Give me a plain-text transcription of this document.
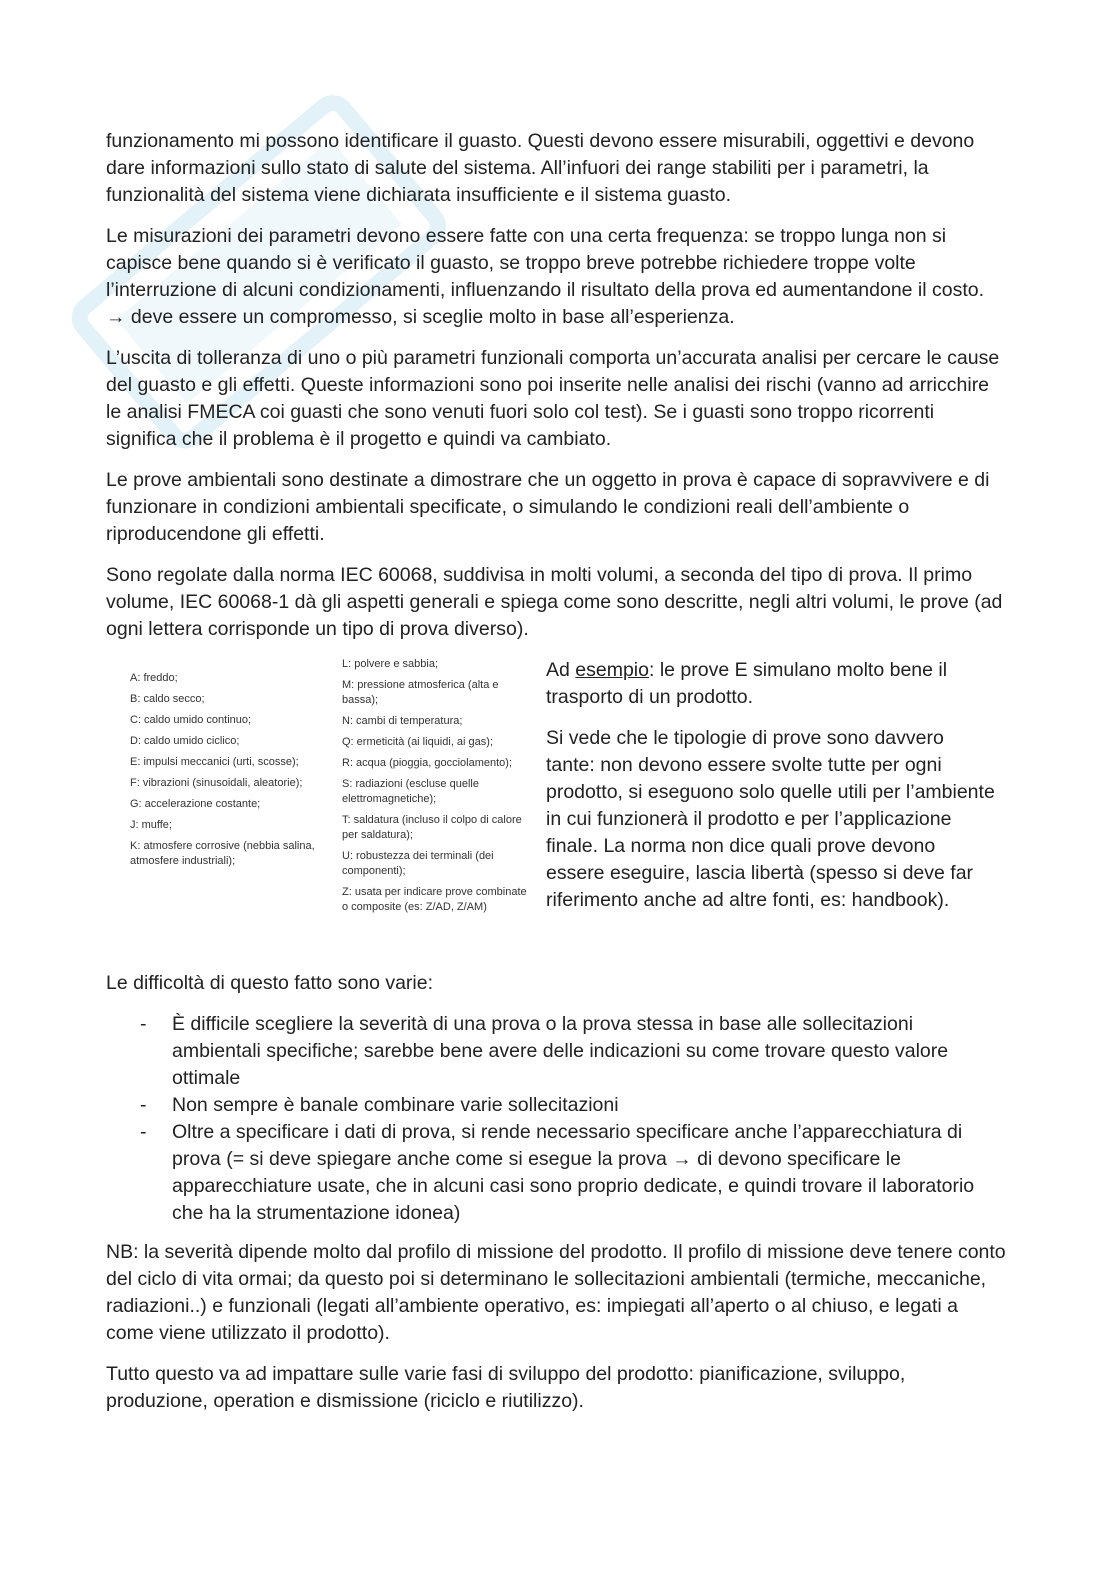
funzionamento mi possono identificare il guasto. Questi devono essere misurabili, oggettivi e devono dare informazioni sullo stato di salute del sistema. All’infuori dei range stabiliti per i parametri, la funzionalità del sistema viene dichiarata insufficiente e il sistema guasto.

Le misurazioni dei parametri devono essere fatte con una certa frequenza: se troppo lunga non si capisce bene quando si è verificato il guasto, se troppo breve potrebbe richiedere troppe volte l’interruzione di alcuni condizionamenti, influenzando il risultato della prova ed aumentandone il costo. → deve essere un compromesso, si sceglie molto in base all’esperienza.

L’uscita di tolleranza di uno o più parametri funzionali comporta un’accurata analisi per cercare le cause del guasto e gli effetti. Queste informazioni sono poi inserite nelle analisi dei rischi (vanno ad arricchire le analisi FMECA coi guasti che sono venuti fuori solo col test). Se i guasti sono troppo ricorrenti significa che il problema è il progetto e quindi va cambiato.

Le prove ambientali sono destinate a dimostrare che un oggetto in prova è capace di sopravvivere e di funzionare in condizioni ambientali specificate, o simulando le condizioni reali dell’ambiente o riproducendone gli effetti.

Sono regolate dalla norma IEC 60068, suddivisa in molti volumi, a seconda del tipo di prova. Il primo volume, IEC 60068-1 dà gli aspetti generali e spiega come sono descritte, negli altri volumi, le prove (ad ogni lettera corrisponde un tipo di prova diverso).

A: freddo;
B: caldo secco;
C: caldo umido continuo;
D: caldo umido ciclico;
E: impulsi meccanici (urti, scosse);
F: vibrazioni (sinusoidali, aleatorie);
G: accelerazione costante;
J: muffe;
K: atmosfere corrosive (nebbia salina, atmosfere industriali);
L: polvere e sabbia;
M: pressione atmosferica (alta e bassa);
N: cambi di temperatura;
Q: ermeticità (ai liquidi, ai gas);
R: acqua (pioggia, gocciolamento);
S: radiazioni (escluse quelle elettromagnetiche);
T: saldatura (incluso il colpo di calore per saldatura);
U: robustezza dei terminali (dei componenti);
Z: usata per indicare prove combinate o composite (es: Z/AD, Z/AM)

Ad esempio: le prove E simulano molto bene il trasporto di un prodotto.

Si vede che le tipologie di prove sono davvero tante: non devono essere svolte tutte per ogni prodotto, si eseguono solo quelle utili per l’ambiente in cui funzionerà il prodotto e per l’applicazione finale. La norma non dice quali prove devono essere eseguire, lascia libertà (spesso si deve far riferimento anche ad altre fonti, es: handbook).

Le difficoltà di questo fatto sono varie:

- È difficile scegliere la severità di una prova o la prova stessa in base alle sollecitazioni ambientali specifiche; sarebbe bene avere delle indicazioni su come trovare questo valore ottimale
- Non sempre è banale combinare varie sollecitazioni
- Oltre a specificare i dati di prova, si rende necessario specificare anche l’apparecchiatura di prova (= si deve spiegare anche come si esegue la prova → di devono specificare le apparecchiature usate, che in alcuni casi sono proprio dedicate, e quindi trovare il laboratorio che ha la strumentazione idonea)

NB: la severità dipende molto dal profilo di missione del prodotto. Il profilo di missione deve tenere conto del ciclo di vita ormai; da questo poi si determinano le sollecitazioni ambientali (termiche, meccaniche, radiazioni..) e funzionali (legati all’ambiente operativo, es: impiegati all’aperto o al chiuso, e legati a come viene utilizzato il prodotto).

Tutto questo va ad impattare sulle varie fasi di sviluppo del prodotto: pianificazione, sviluppo, produzione, operation e dismissione (riciclo e riutilizzo).
